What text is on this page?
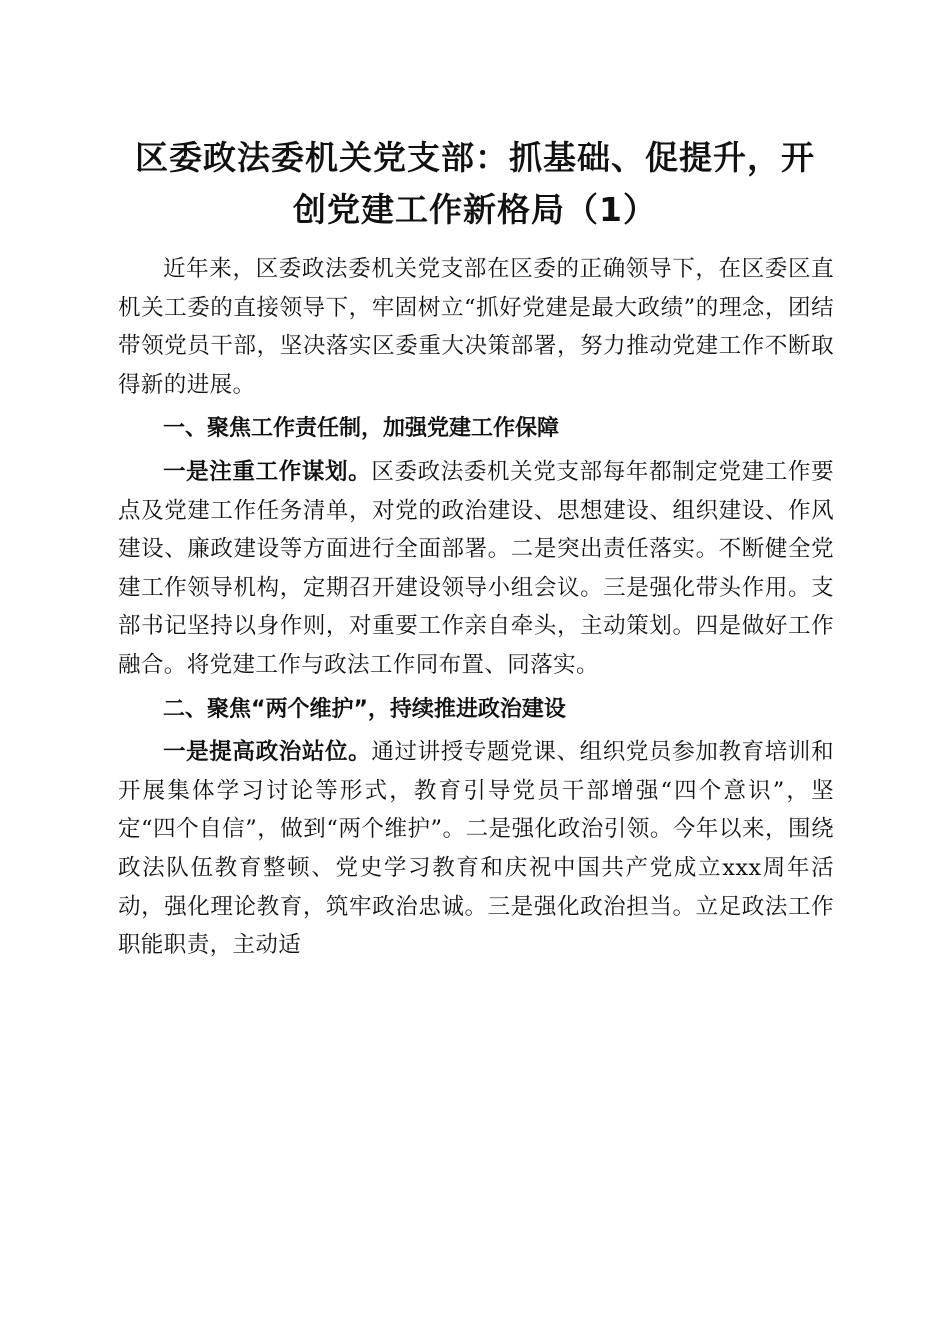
区委政法委机关党支部：抓基础、促提升，开
创党建工作新格局（1）

近年来，区委政法委机关党支部在区委的正确领导下，在区委区直机关工委的直接领导下，牢固树立“抓好党建是最大政绩”的理念，团结带领党员干部，坚决落实区委重大决策部署，努力推动党建工作不断取得新的进展。

一、聚焦工作责任制，加强党建工作保障

一是注重工作谋划。区委政法委机关党支部每年都制定党建工作要点及党建工作任务清单，对党的政治建设、思想建设、组织建设、作风建设、廉政建设等方面进行全面部署。二是突出责任落实。不断健全党建工作领导机构，定期召开建设领导小组会议。三是强化带头作用。支部书记坚持以身作则，对重要工作亲自牵头，主动策划。四是做好工作融合。将党建工作与政法工作同布置、同落实。

二、聚焦“两个维护”，持续推进政治建设

一是提高政治站位。通过讲授专题党课、组织党员参加教育培训和开展集体学习讨论等形式，教育引导党员干部增强“四个意识”，坚定“四个自信”，做到“两个维护”。二是强化政治引领。今年以来，围绕政法队伍教育整顿、党史学习教育和庆祝中国共产党成立xxx周年活动，强化理论教育，筑牢政治忠诚。三是强化政治担当。立足政法工作职能职责，主动适
